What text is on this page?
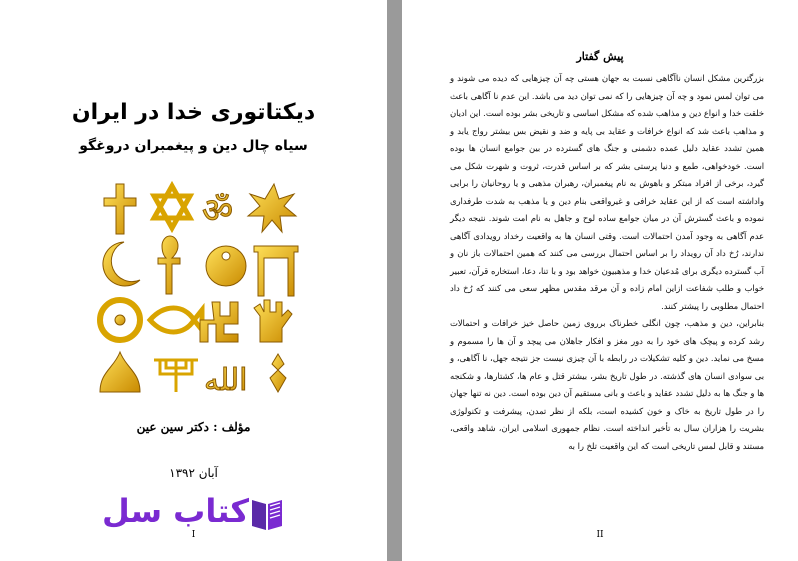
دیکتاتوری خدا در ایران
سیاه چال دین و پیغمبران دروغگو
ॐ
الله
مؤلف : دکتر سین عین
آبان ۱۳۹۲
کتاب سل
I
پیش گفتار

بزرگترین مشکل انسان ناآگاهی نسبت به جهان هستی چه آن چیزهایی که دیده می شوند و می توان لمس نمود و چه آن چیزهایی را که نمی توان دید می باشد. این عدم نا آگاهی باعث خلقت خدا و انواع دین و مذاهب شده که مشکل اساسی و تاریخی بشر بوده است. این ادیان و مذاهب باعث شد که انواع خرافات و عقاید بی پایه و ضد و نقیض بس بیشتر رواج یابد و همین تشدد عقاید دلیل عمده دشمنی و جنگ های گسترده در بین جوامع انسان ها بوده است. خودخواهی، طمع و دنیا پرستی بشر که بر اساس قدرت، ثروت و شهرت شکل می گیرد، برخی از افراد مبتکر و باهوش به نام پیغمبران، رهبران مذهبی و یا روحانیان را برایی واداشته است که از این عقاید خرافی و غیرواقعی بنام دین و یا مذهب به شدت طرفداری نموده و باعث گسترش آن در میان جوامع ساده لوح و جاهل به نام امت شوند. نتیجه دیگر عدم آگاهی به وجود آمدن احتمالات است. وقتی انسان ها به واقعیت رخداد رویدادی آگاهی ندارند، رُخ داد آن رویداد را بر اساس احتمال بررسی می کنند که همین احتمالات باز نان و آب گسترده دیگری برای مُدعیان خدا و مذهبیون خواهد بود و با تنا، دعا، استخاره قرآن، تعبیر خواب و طلب شفاعت ازاین امام زاده و آن مرقد مقدس مظهر سعی می کنند که رُخ داد احتمال مطلوبی را پیشتر کنند.

بنابراین، دین و مذهب، چون انگلی خطرناک برروی زمین حاصل خیز خرافات و احتمالات رشد کرده و پیچک های خود را به دور مغز و افکار جاهلان می پیچد و آن ها را مسموم و مسخ می نماید. دین و کلیه تشکیلات در رابطه با آن چیزی نیست جز نتیجه جهل، نا آگاهی، و بی سوادی انسان های گذشته. در طول تاریخ بشر، بیشتر قتل و عام ها، کشتارها، و شکنجه ها و جنگ ها به دلیل تشدد عقاید و باعث و بانی مستقیم آن دین بوده است. دین نه تنها جهان را در طول تاریخ به خاک و خون کشیده است، بلکه از نظر تمدن، پیشرفت و تکنولوژی بشریت را هزاران سال به تأخیر انداخته است. نظام جمهوری اسلامی ایران، شاهد واقعی، مستند و قابل لمس تاریخی است که این واقعیت تلخ را به

II
